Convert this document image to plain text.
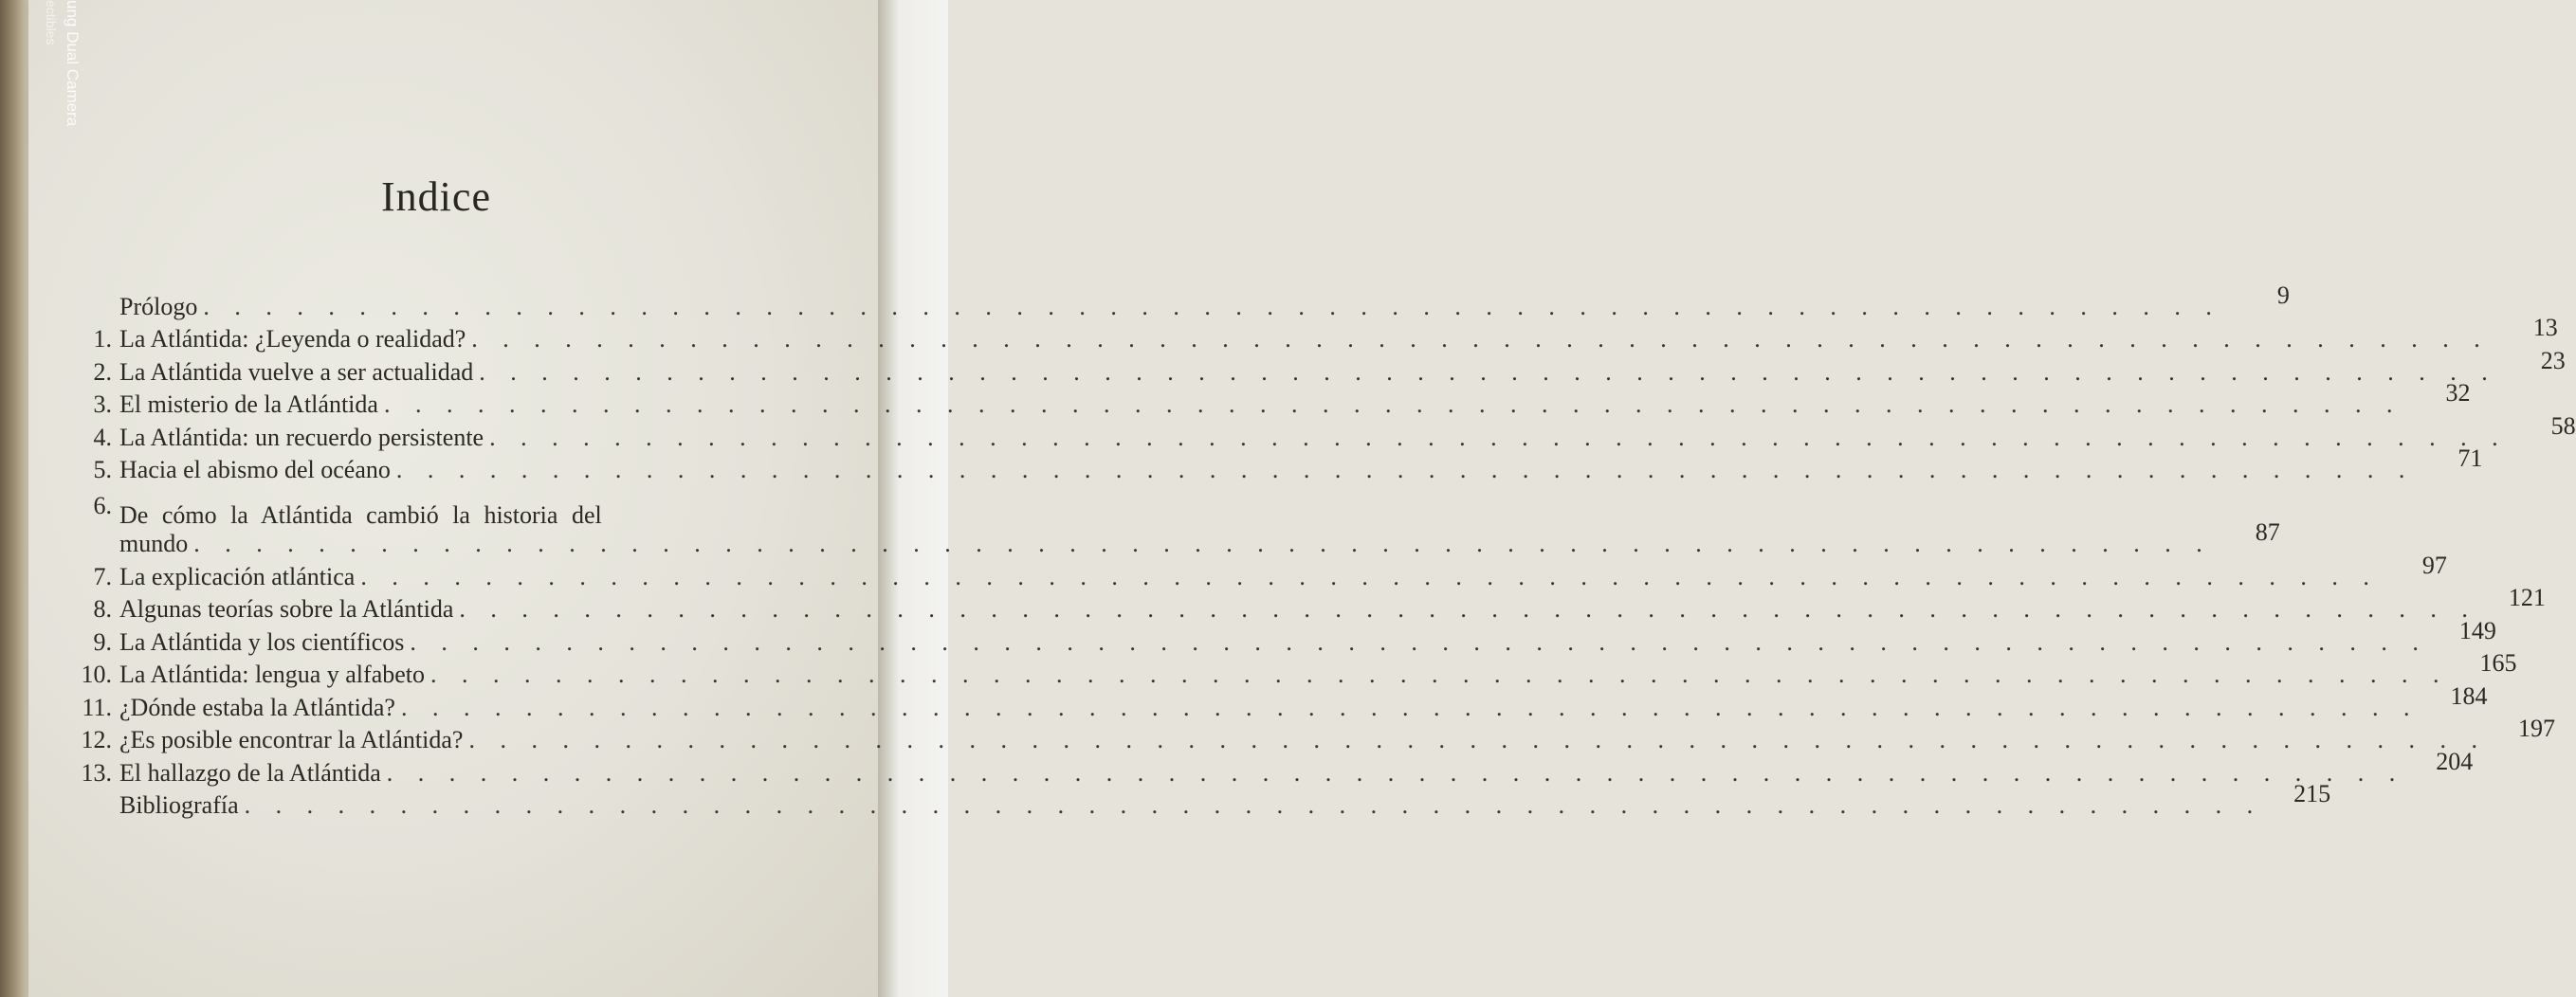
ung Dual Camera
ectibles
Indice
Prólogo . . .	9
1. La Atlántida: ¿Leyenda o realidad? . . .	13
2. La Atlántida vuelve a ser actualidad . . .	23
3. El misterio de la Atlántida . . .	32
4. La Atlántida: un recuerdo persistente . . .	58
5. Hacia el abismo del océano . . .	71
6. De cómo la Atlántida cambió la historia del
mundo . . .	87
7. La explicación atlántica . . .	97
8. Algunas teorías sobre la Atlántida . . .	121
9. La Atlántida y los científicos . . .	149
10. La Atlántida: lengua y alfabeto . . .	165
11. ¿Dónde estaba la Atlántida? . . .	184
12. ¿Es posible encontrar la Atlántida? . . .	197
13. El hallazgo de la Atlántida . . .	204
Bibliografía . . .	215
